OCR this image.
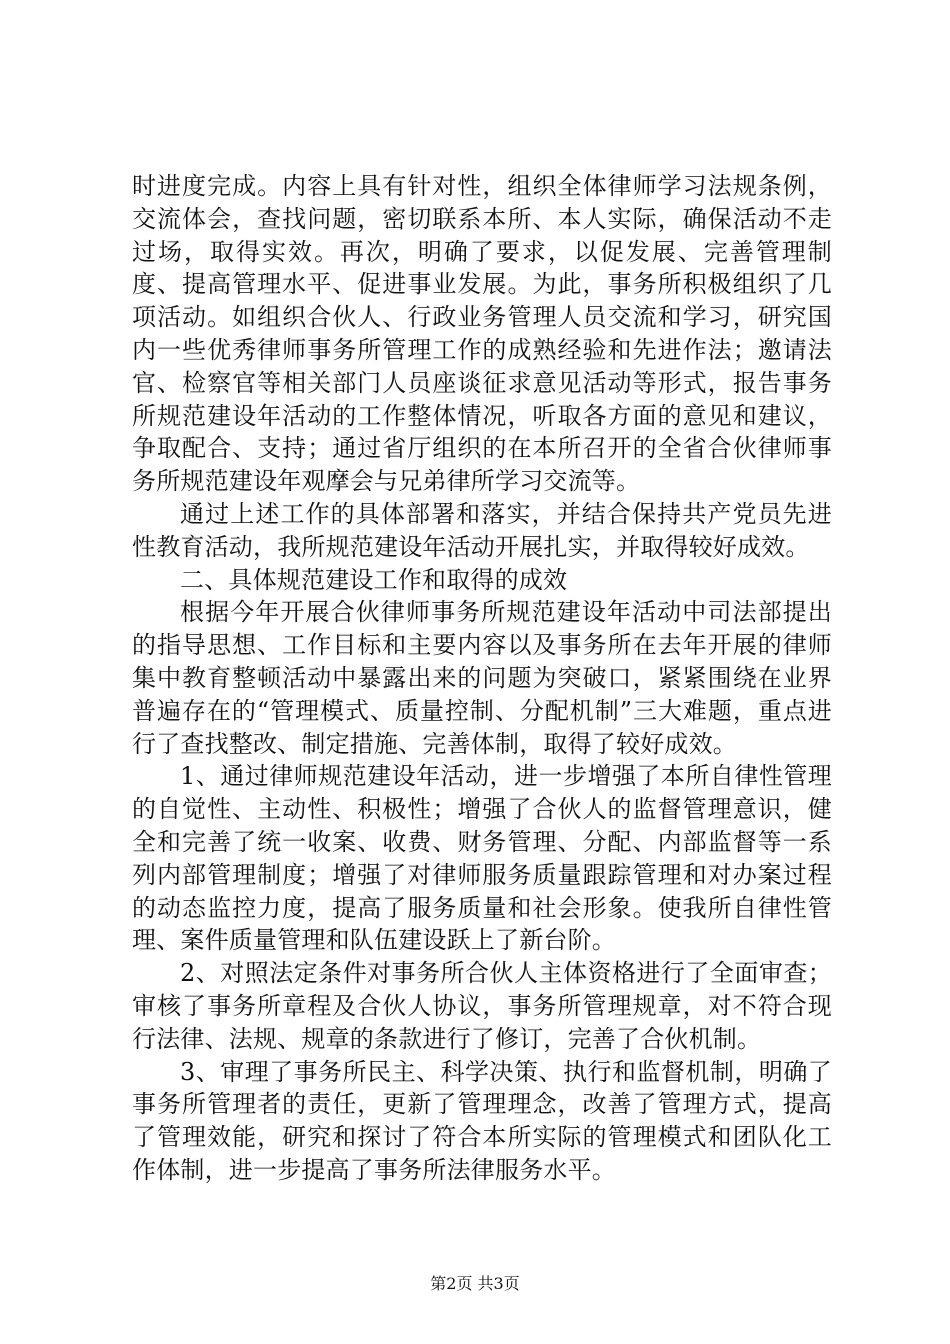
时进度完成。内容上具有针对性，组织全体律师学习法规条例，交流体会，查找问题，密切联系本所、本人实际，确保活动不走过场，取得实效。再次，明确了要求，以促发展、完善管理制度、提高管理水平、促进事业发展。为此，事务所积极组织了几项活动。如组织合伙人、行政业务管理人员交流和学习，研究国内一些优秀律师事务所管理工作的成熟经验和先进作法；邀请法官、检察官等相关部门人员座谈征求意见活动等形式，报告事务所规范建设年活动的工作整体情况，听取各方面的意见和建议，争取配合、支持；通过省厅组织的在本所召开的全省合伙律师事务所规范建设年观摩会与兄弟律所学习交流等。

通过上述工作的具体部署和落实，并结合保持共产党员先进性教育活动，我所规范建设年活动开展扎实，并取得较好成效。

二、具体规范建设工作和取得的成效

根据今年开展合伙律师事务所规范建设年活动中司法部提出的指导思想、工作目标和主要内容以及事务所在去年开展的律师集中教育整顿活动中暴露出来的问题为突破口，紧紧围绕在业界普遍存在的“管理模式、质量控制、分配机制”三大难题，重点进行了查找整改、制定措施、完善体制，取得了较好成效。

1、通过律师规范建设年活动，进一步增强了本所自律性管理的自觉性、主动性、积极性；增强了合伙人的监督管理意识，健全和完善了统一收案、收费、财务管理、分配、内部监督等一系列内部管理制度；增强了对律师服务质量跟踪管理和对办案过程的动态监控力度，提高了服务质量和社会形象。使我所自律性管理、案件质量管理和队伍建设跃上了新台阶。

2、对照法定条件对事务所合伙人主体资格进行了全面审查；审核了事务所章程及合伙人协议，事务所管理规章，对不符合现行法律、法规、规章的条款进行了修订，完善了合伙机制。

3、审理了事务所民主、科学决策、执行和监督机制，明确了事务所管理者的责任，更新了管理理念，改善了管理方式，提高了管理效能，研究和探讨了符合本所实际的管理模式和团队化工作体制，进一步提高了事务所法律服务水平。

第2页 共3页
